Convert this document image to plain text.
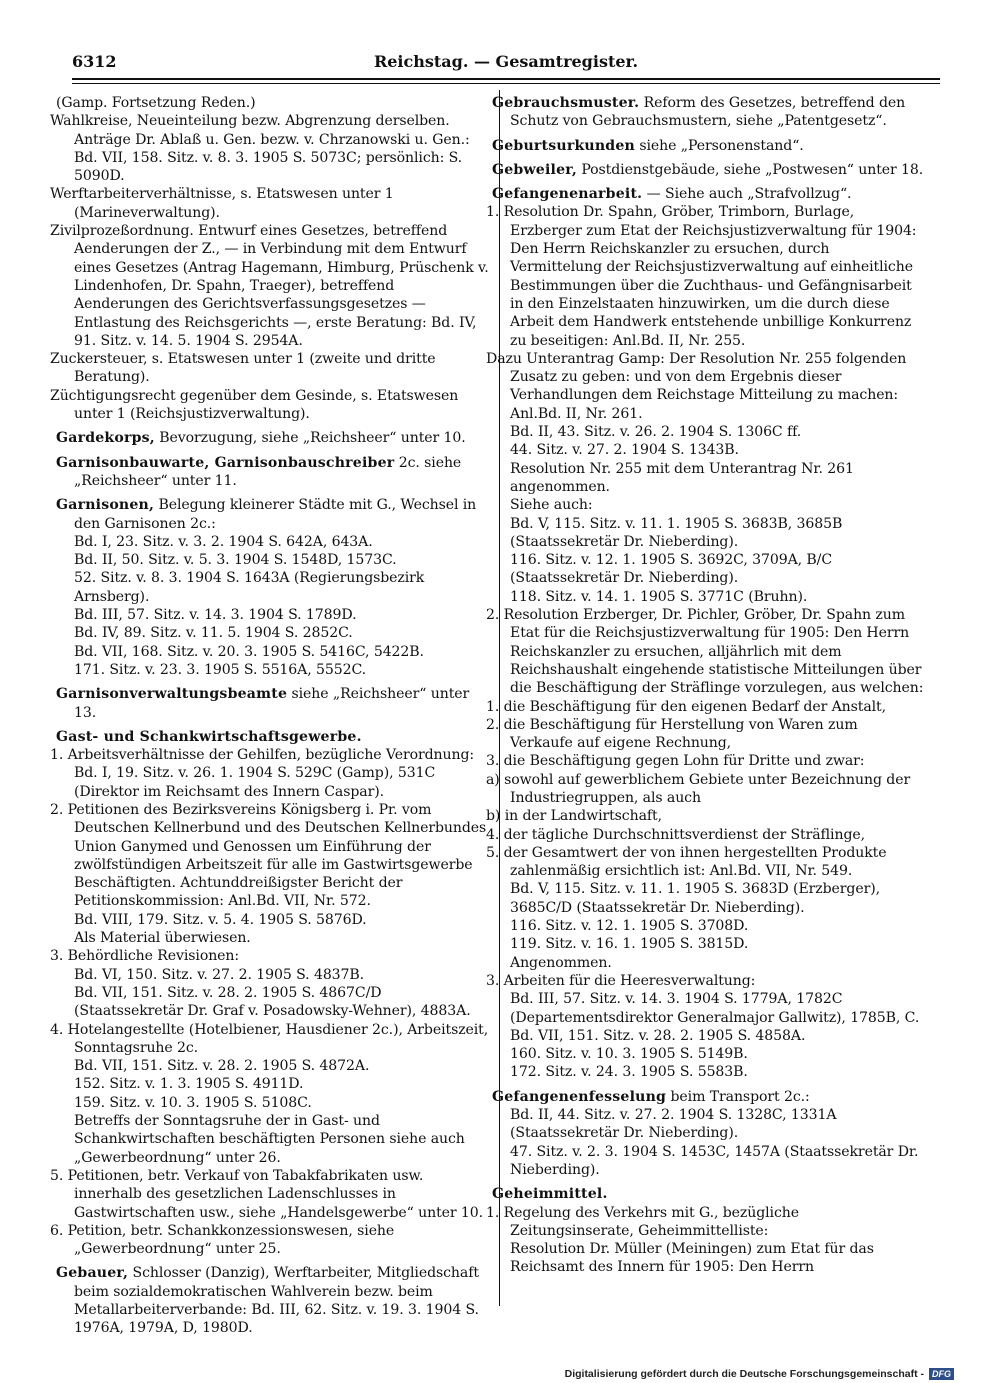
6312	Reichstag. — Gesamtregister.

(Gamp. Fortsetzung Reden.)

Wahlkreise, Neueinteilung bezw. Abgrenzung derselben. Anträge Dr. Ablaß u. Gen. bezw. v. Chrzanowski u. Gen.: Bd. VII, 158. Sitz. v. 8. 3. 1905 S. 5073C; persönlich: S. 5090D.

Werftarbeiterverhältnisse, s. Etatswesen unter 1 (Marineverwaltung).

Zivilprozeßordnung. Entwurf eines Gesetzes, betreffend Aenderungen der Z., — in Verbindung mit dem Entwurf eines Gesetzes (Antrag Hagemann, Himburg, Prüschenk v. Lindenhofen, Dr. Spahn, Traeger), betreffend Aenderungen des Gerichtsverfassungsgesetzes — Entlastung des Reichsgerichts —, erste Beratung: Bd. IV, 91. Sitz. v. 14. 5. 1904 S. 2954A.

Zuckersteuer, s. Etatswesen unter 1 (zweite und dritte Beratung).

Züchtigungsrecht gegenüber dem Gesinde, s. Etatswesen unter 1 (Reichsjustizverwaltung).

Gardekorps, Bevorzugung, siehe „Reichsheer“ unter 10.

Garnisonbauwarte, Garnisonbauschreiber 2c. siehe „Reichsheer“ unter 11.

Garnisonen, Belegung kleinerer Städte mit G., Wechsel in den Garnisonen 2c.:

Bd. I, 23. Sitz. v. 3. 2. 1904 S. 642A, 643A.

Bd. II, 50. Sitz. v. 5. 3. 1904 S. 1548D, 1573C.

52. Sitz. v. 8. 3. 1904 S. 1643A (Regierungsbezirk Arnsberg).

Bd. III, 57. Sitz. v. 14. 3. 1904 S. 1789D.

Bd. IV, 89. Sitz. v. 11. 5. 1904 S. 2852C.

Bd. VII, 168. Sitz. v. 20. 3. 1905 S. 5416C, 5422B.

171. Sitz. v. 23. 3. 1905 S. 5516A, 5552C.

Garnisonverwaltungsbeamte siehe „Reichsheer“ unter 13.

Gast- und Schankwirtschaftsgewerbe.

1. Arbeitsverhältnisse der Gehilfen, bezügliche Verordnung: Bd. I, 19. Sitz. v. 26. 1. 1904 S. 529C (Gamp), 531C (Direktor im Reichsamt des Innern Caspar).

2. Petitionen des Bezirksvereins Königsberg i. Pr. vom Deutschen Kellnerbund und des Deutschen Kellnerbundes Union Ganymed und Genossen um Einführung der zwölfstündigen Arbeitszeit für alle im Gastwirtsgewerbe Beschäftigten. Achtunddreißigster Bericht der Petitionskommission: Anl.Bd. VII, Nr. 572.

Bd. VIII, 179. Sitz. v. 5. 4. 1905 S. 5876D.

Als Material überwiesen.

3. Behördliche Revisionen:

Bd. VI, 150. Sitz. v. 27. 2. 1905 S. 4837B.

Bd. VII, 151. Sitz. v. 28. 2. 1905 S. 4867C/D (Staatssekretär Dr. Graf v. Posadowsky-Wehner), 4883A.

4. Hotelangestellte (Hotelbiener, Hausdiener 2c.), Arbeitszeit, Sonntagsruhe 2c.

Bd. VII, 151. Sitz. v. 28. 2. 1905 S. 4872A.

152. Sitz. v. 1. 3. 1905 S. 4911D.

159. Sitz. v. 10. 3. 1905 S. 5108C.

Betreffs der Sonntagsruhe der in Gast- und Schankwirtschaften beschäftigten Personen siehe auch „Gewerbeordnung“ unter 26.

5. Petitionen, betr. Verkauf von Tabakfabrikaten usw. innerhalb des gesetzlichen Ladenschlusses in Gastwirtschaften usw., siehe „Handelsgewerbe“ unter 10.

6. Petition, betr. Schankkonzessionswesen, siehe „Gewerbeordnung“ unter 25.

Gebauer, Schlosser (Danzig), Werftarbeiter, Mitgliedschaft beim sozialdemokratischen Wahlverein bezw. beim Metallarbeiterverbande: Bd. III, 62. Sitz. v. 19. 3. 1904 S. 1976A, 1979A, D, 1980D.

Gebrauchsmuster. Reform des Gesetzes, betreffend den Schutz von Gebrauchsmustern, siehe „Patentgesetz“.

Geburtsurkunden siehe „Personenstand“.

Gebweiler, Postdienstgebäude, siehe „Postwesen“ unter 18.

Gefangenenarbeit. — Siehe auch „Strafvollzug“.

1. Resolution Dr. Spahn, Gröber, Trimborn, Burlage, Erzberger zum Etat der Reichsjustizverwaltung für 1904: Den Herrn Reichskanzler zu ersuchen, durch Vermittelung der Reichsjustizverwaltung auf einheitliche Bestimmungen über die Zuchthaus- und Gefängnisarbeit in den Einzelstaaten hinzuwirken, um die durch diese Arbeit dem Handwerk entstehende unbillige Konkurrenz zu beseitigen: Anl.Bd. II, Nr. 255.

Dazu Unterantrag Gamp: Der Resolution Nr. 255 folgenden Zusatz zu geben: und von dem Ergebnis dieser Verhandlungen dem Reichstage Mitteilung zu machen: Anl.Bd. II, Nr. 261.

Bd. II, 43. Sitz. v. 26. 2. 1904 S. 1306C ff.

44. Sitz. v. 27. 2. 1904 S. 1343B.

Resolution Nr. 255 mit dem Unterantrag Nr. 261 angenommen.

Siehe auch:

Bd. V, 115. Sitz. v. 11. 1. 1905 S. 3683B, 3685B (Staatssekretär Dr. Nieberding).

116. Sitz. v. 12. 1. 1905 S. 3692C, 3709A, B/C (Staatssekretär Dr. Nieberding).

118. Sitz. v. 14. 1. 1905 S. 3771C (Bruhn).

2. Resolution Erzberger, Dr. Pichler, Gröber, Dr. Spahn zum Etat für die Reichsjustizverwaltung für 1905: Den Herrn Reichskanzler zu ersuchen, alljährlich mit dem Reichshaushalt eingehende statistische Mitteilungen über die Beschäftigung der Sträflinge vorzulegen, aus welchen:

1. die Beschäftigung für den eigenen Bedarf der Anstalt,

2. die Beschäftigung für Herstellung von Waren zum Verkaufe auf eigene Rechnung,

3. die Beschäftigung gegen Lohn für Dritte und zwar:

a) sowohl auf gewerblichem Gebiete unter Bezeichnung der Industriegruppen, als auch

b) in der Landwirtschaft,

4. der tägliche Durchschnittsverdienst der Sträflinge,

5. der Gesamtwert der von ihnen hergestellten Produkte zahlenmäßig ersichtlich ist: Anl.Bd. VII, Nr. 549.

Bd. V, 115. Sitz. v. 11. 1. 1905 S. 3683D (Erzberger), 3685C/D (Staatssekretär Dr. Nieberding).

116. Sitz. v. 12. 1. 1905 S. 3708D.

119. Sitz. v. 16. 1. 1905 S. 3815D.

Angenommen.

3. Arbeiten für die Heeresverwaltung:

Bd. III, 57. Sitz. v. 14. 3. 1904 S. 1779A, 1782C (Departementsdirektor Generalmajor Gallwitz), 1785B, C.

Bd. VII, 151. Sitz. v. 28. 2. 1905 S. 4858A.

160. Sitz. v. 10. 3. 1905 S. 5149B.

172. Sitz. v. 24. 3. 1905 S. 5583B.

Gefangenenfesselung beim Transport 2c.:

Bd. II, 44. Sitz. v. 27. 2. 1904 S. 1328C, 1331A (Staatssekretär Dr. Nieberding).

47. Sitz. v. 2. 3. 1904 S. 1453C, 1457A (Staatssekretär Dr. Nieberding).

Geheimmittel.

1. Regelung des Verkehrs mit G., bezügliche Zeitungsinserate, Geheimmittelliste:

Resolution Dr. Müller (Meiningen) zum Etat für das Reichsamt des Innern für 1905: Den Herrn

Digitalisierung gefördert durch die Deutsche Forschungsgemeinschaft - DFG
